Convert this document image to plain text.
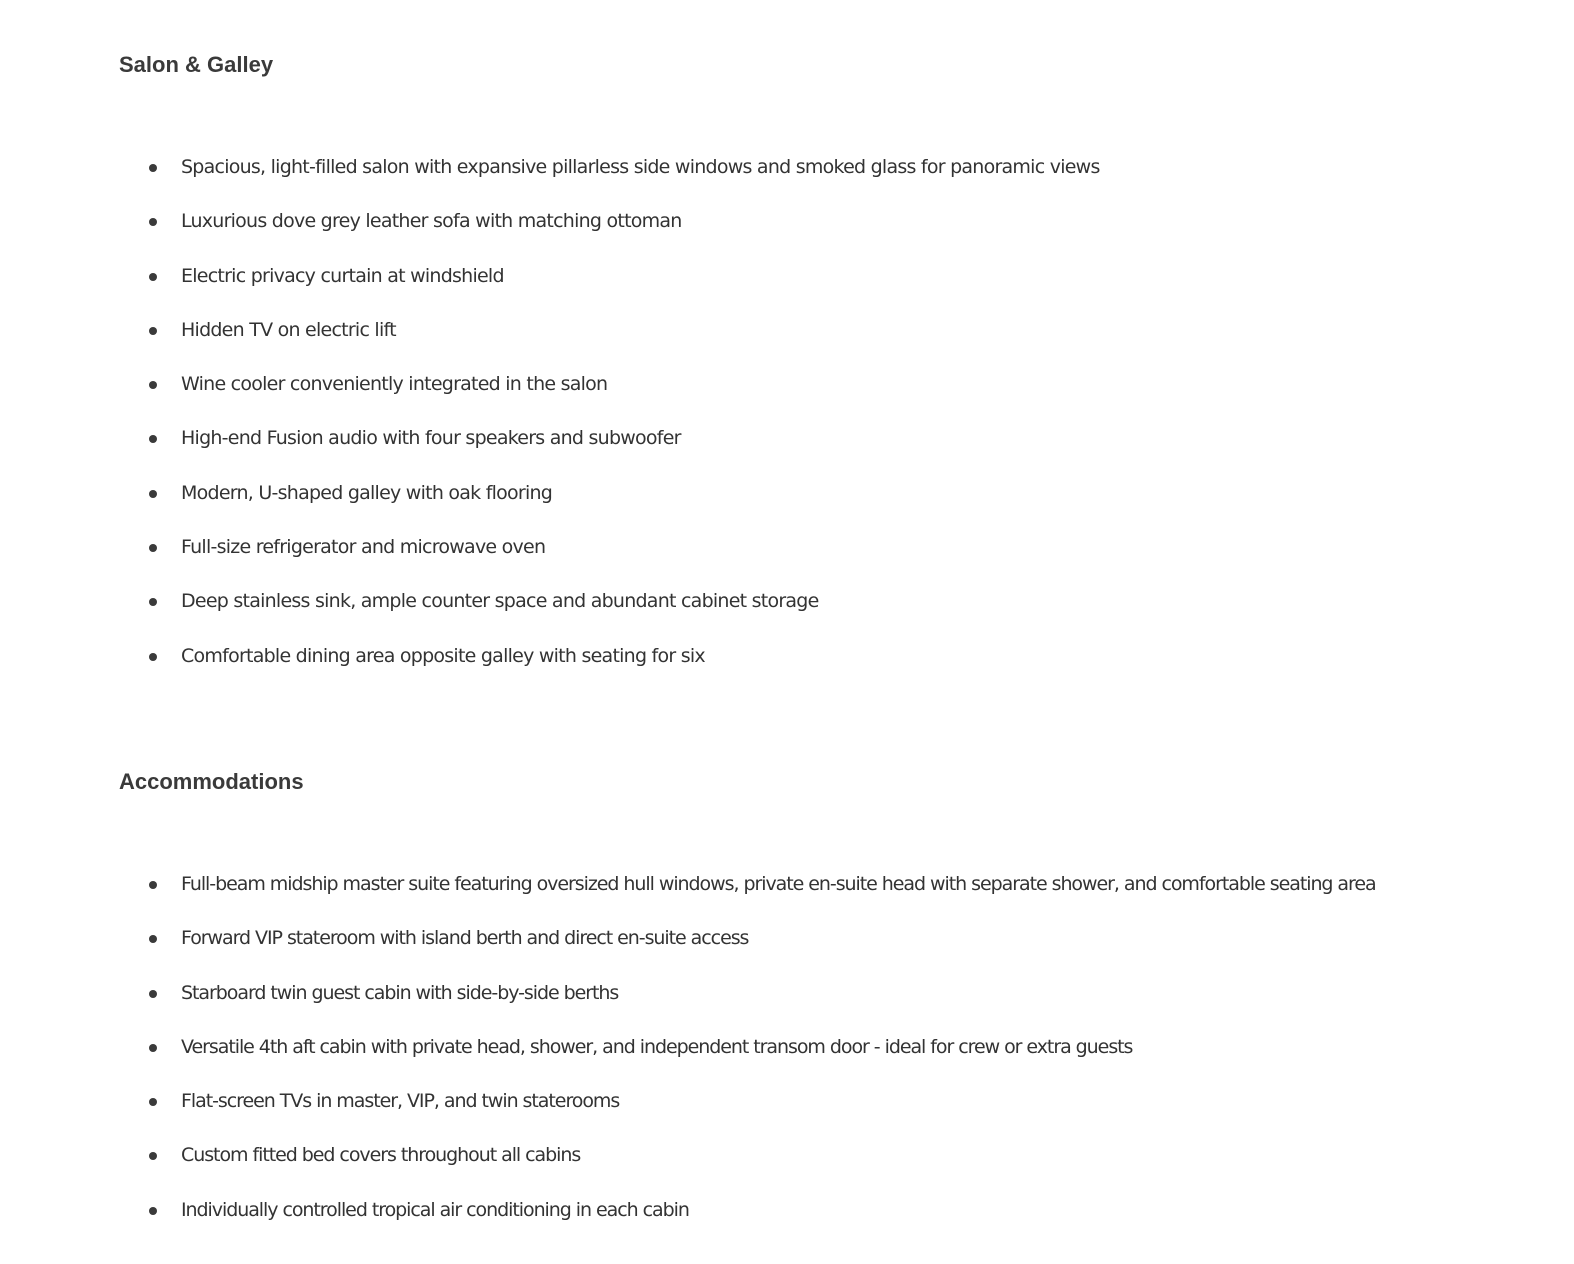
Salon & Galley
Spacious, light-filled salon with expansive pillarless side windows and smoked glass for panoramic views
Luxurious dove grey leather sofa with matching ottoman
Electric privacy curtain at windshield
Hidden TV on electric lift
Wine cooler conveniently integrated in the salon
High-end Fusion audio with four speakers and subwoofer
Modern, U-shaped galley with oak flooring
Full-size refrigerator and microwave oven
Deep stainless sink, ample counter space and abundant cabinet storage
Comfortable dining area opposite galley with seating for six
Accommodations
Full-beam midship master suite featuring oversized hull windows, private en-suite head with separate shower, and comfortable seating area
Forward VIP stateroom with island berth and direct en-suite access
Starboard twin guest cabin with side-by-side berths
Versatile 4th aft cabin with private head, shower, and independent transom door - ideal for crew or extra guests
Flat-screen TVs in master, VIP, and twin staterooms
Custom fitted bed covers throughout all cabins
Individually controlled tropical air conditioning in each cabin
